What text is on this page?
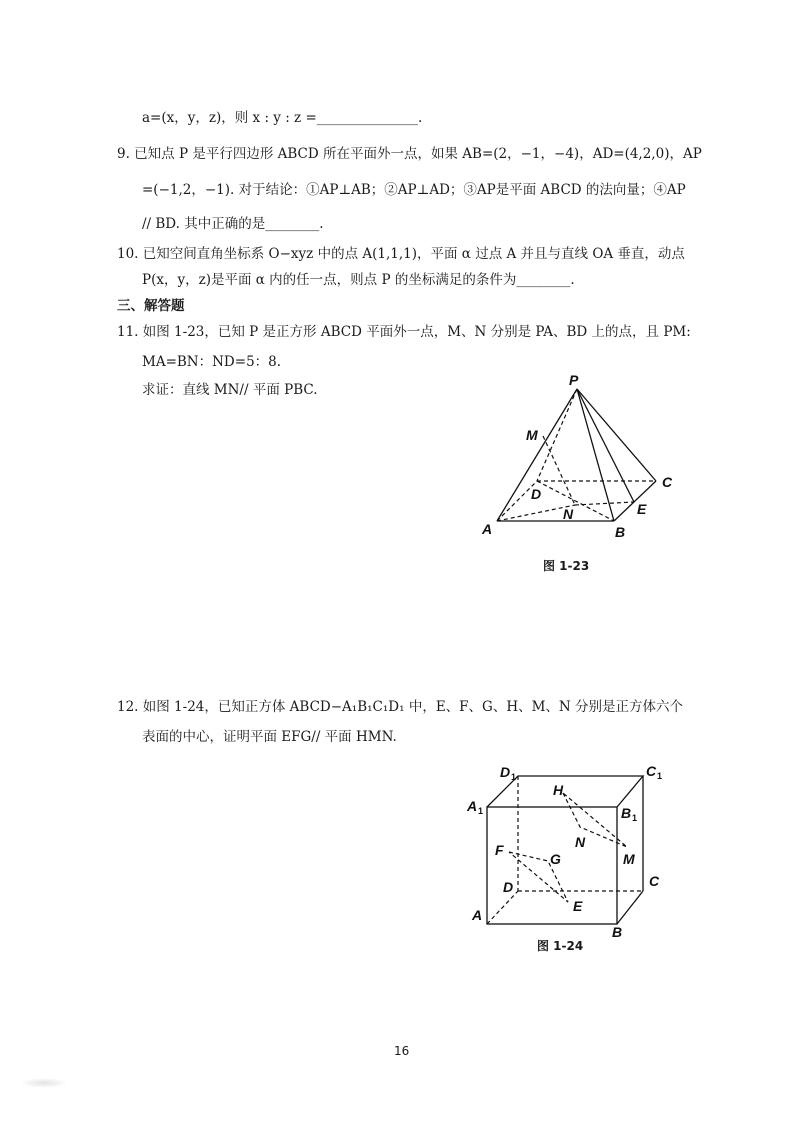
a=(x，y，z)，则 x : y : z =_______________.
9. 已知点 P 是平行四边形 ABCD 所在平面外一点，如果 AB=(2，−1，−4)，AD=(4,2,0)，AP
=(−1,2，−1). 对于结论：①AP⊥AB；②AP⊥AD；③AP是平面 ABCD 的法向量；④AP
// BD. 其中正确的是________.
10. 已知空间直角坐标系 O−xyz 中的点 A(1,1,1)，平面 α 过点 A 并且与直线 OA 垂直，动点
P(x，y，z)是平面 α 内的任一点，则点 P 的坐标满足的条件为________.
三、解答题
11. 如图 1-23，已知 P 是正方形 ABCD 平面外一点，M、N 分别是 PA、BD 上的点，且 PM:
MA=BN：ND=5：8.
求证：直线 MN// 平面 PBC.
P
M
C
D
E
N
A	B
图 1-23
12. 如图 1-24，已知正方体 ABCD−A₁B₁C₁D₁ 中，E、F、G、H、M、N 分别是正方体六个
表面的中心，证明平面 EFG// 平面 HMN.
D 1	C 1
A 1	B 1
H
N
M
F
G
D	C
E
A
B
图 1-24
16
